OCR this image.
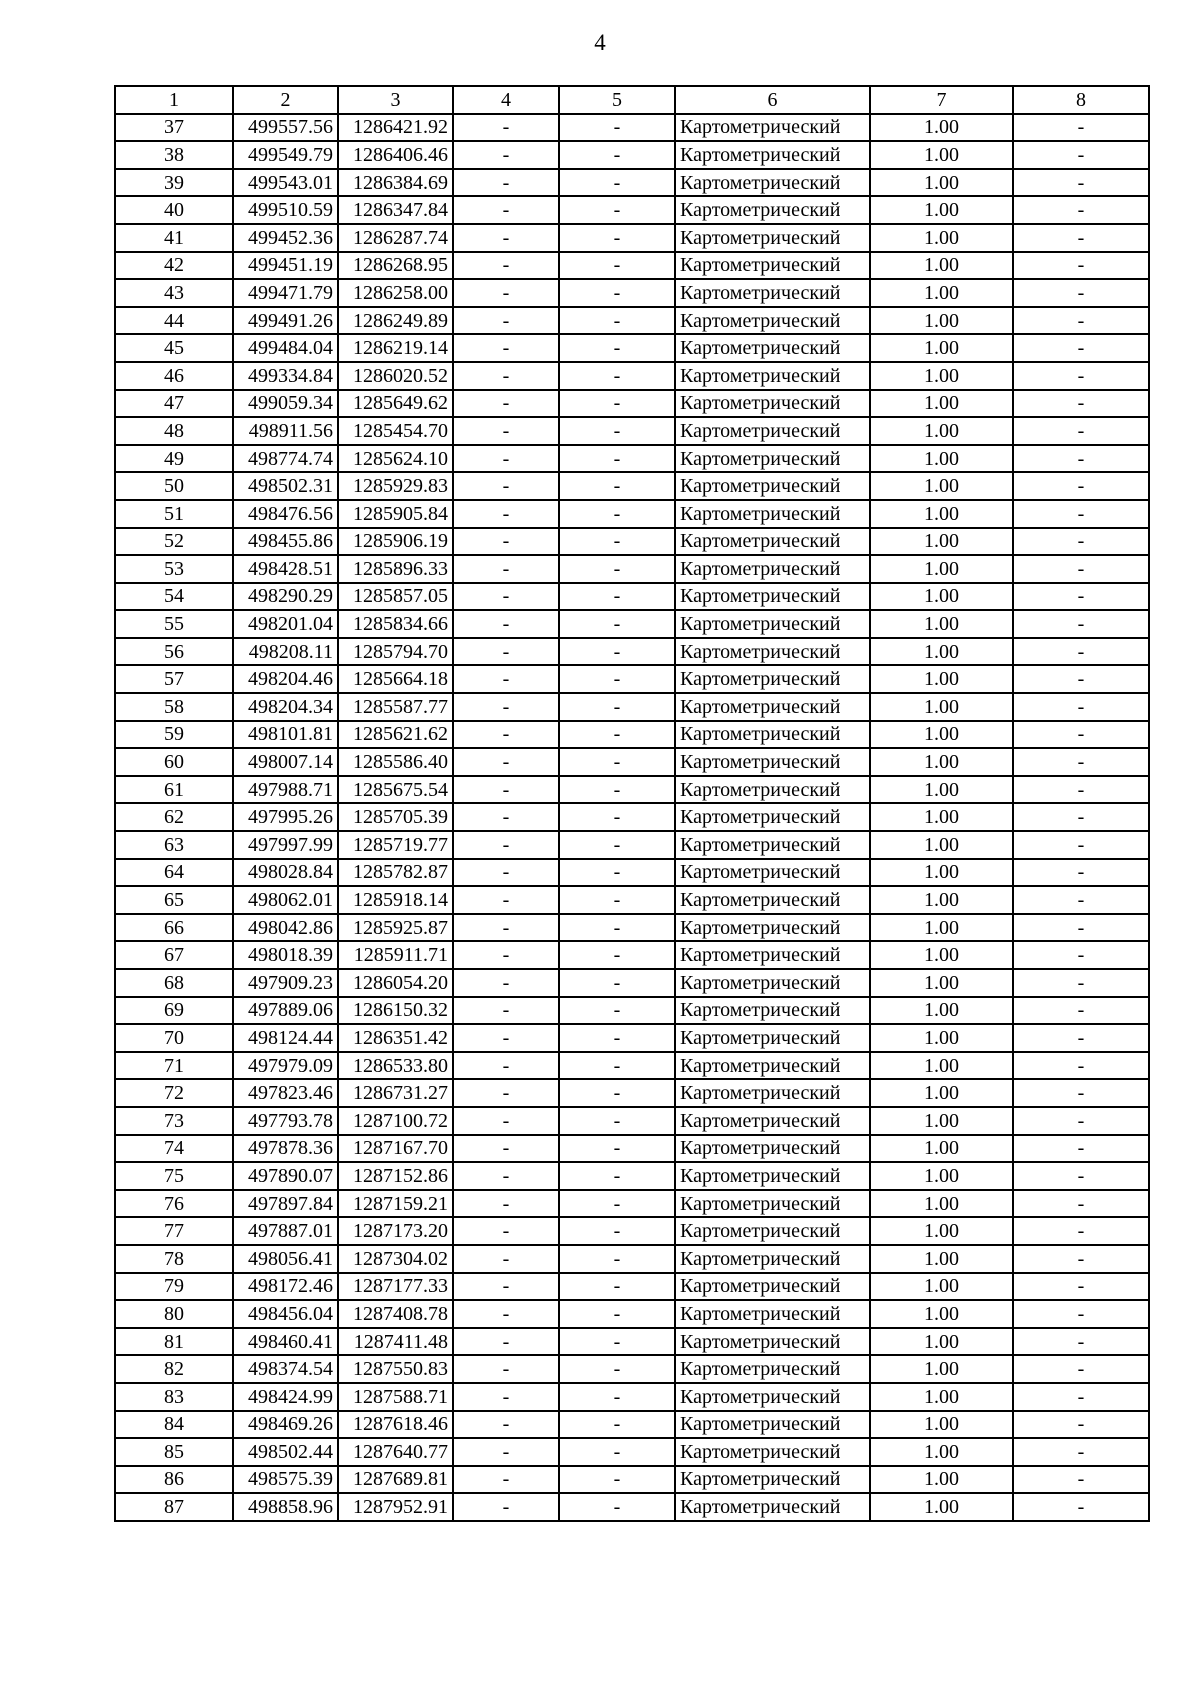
4
1	2	3	4	5	6	7	8
37	499557.56	1286421.92	-	-	Картометрический	1.00	-
38	499549.79	1286406.46	-	-	Картометрический	1.00	-
39	499543.01	1286384.69	-	-	Картометрический	1.00	-
40	499510.59	1286347.84	-	-	Картометрический	1.00	-
41	499452.36	1286287.74	-	-	Картометрический	1.00	-
42	499451.19	1286268.95	-	-	Картометрический	1.00	-
43	499471.79	1286258.00	-	-	Картометрический	1.00	-
44	499491.26	1286249.89	-	-	Картометрический	1.00	-
45	499484.04	1286219.14	-	-	Картометрический	1.00	-
46	499334.84	1286020.52	-	-	Картометрический	1.00	-
47	499059.34	1285649.62	-	-	Картометрический	1.00	-
48	498911.56	1285454.70	-	-	Картометрический	1.00	-
49	498774.74	1285624.10	-	-	Картометрический	1.00	-
50	498502.31	1285929.83	-	-	Картометрический	1.00	-
51	498476.56	1285905.84	-	-	Картометрический	1.00	-
52	498455.86	1285906.19	-	-	Картометрический	1.00	-
53	498428.51	1285896.33	-	-	Картометрический	1.00	-
54	498290.29	1285857.05	-	-	Картометрический	1.00	-
55	498201.04	1285834.66	-	-	Картометрический	1.00	-
56	498208.11	1285794.70	-	-	Картометрический	1.00	-
57	498204.46	1285664.18	-	-	Картометрический	1.00	-
58	498204.34	1285587.77	-	-	Картометрический	1.00	-
59	498101.81	1285621.62	-	-	Картометрический	1.00	-
60	498007.14	1285586.40	-	-	Картометрический	1.00	-
61	497988.71	1285675.54	-	-	Картометрический	1.00	-
62	497995.26	1285705.39	-	-	Картометрический	1.00	-
63	497997.99	1285719.77	-	-	Картометрический	1.00	-
64	498028.84	1285782.87	-	-	Картометрический	1.00	-
65	498062.01	1285918.14	-	-	Картометрический	1.00	-
66	498042.86	1285925.87	-	-	Картометрический	1.00	-
67	498018.39	1285911.71	-	-	Картометрический	1.00	-
68	497909.23	1286054.20	-	-	Картометрический	1.00	-
69	497889.06	1286150.32	-	-	Картометрический	1.00	-
70	498124.44	1286351.42	-	-	Картометрический	1.00	-
71	497979.09	1286533.80	-	-	Картометрический	1.00	-
72	497823.46	1286731.27	-	-	Картометрический	1.00	-
73	497793.78	1287100.72	-	-	Картометрический	1.00	-
74	497878.36	1287167.70	-	-	Картометрический	1.00	-
75	497890.07	1287152.86	-	-	Картометрический	1.00	-
76	497897.84	1287159.21	-	-	Картометрический	1.00	-
77	497887.01	1287173.20	-	-	Картометрический	1.00	-
78	498056.41	1287304.02	-	-	Картометрический	1.00	-
79	498172.46	1287177.33	-	-	Картометрический	1.00	-
80	498456.04	1287408.78	-	-	Картометрический	1.00	-
81	498460.41	1287411.48	-	-	Картометрический	1.00	-
82	498374.54	1287550.83	-	-	Картометрический	1.00	-
83	498424.99	1287588.71	-	-	Картометрический	1.00	-
84	498469.26	1287618.46	-	-	Картометрический	1.00	-
85	498502.44	1287640.77	-	-	Картометрический	1.00	-
86	498575.39	1287689.81	-	-	Картометрический	1.00	-
87	498858.96	1287952.91	-	-	Картометрический	1.00	-
